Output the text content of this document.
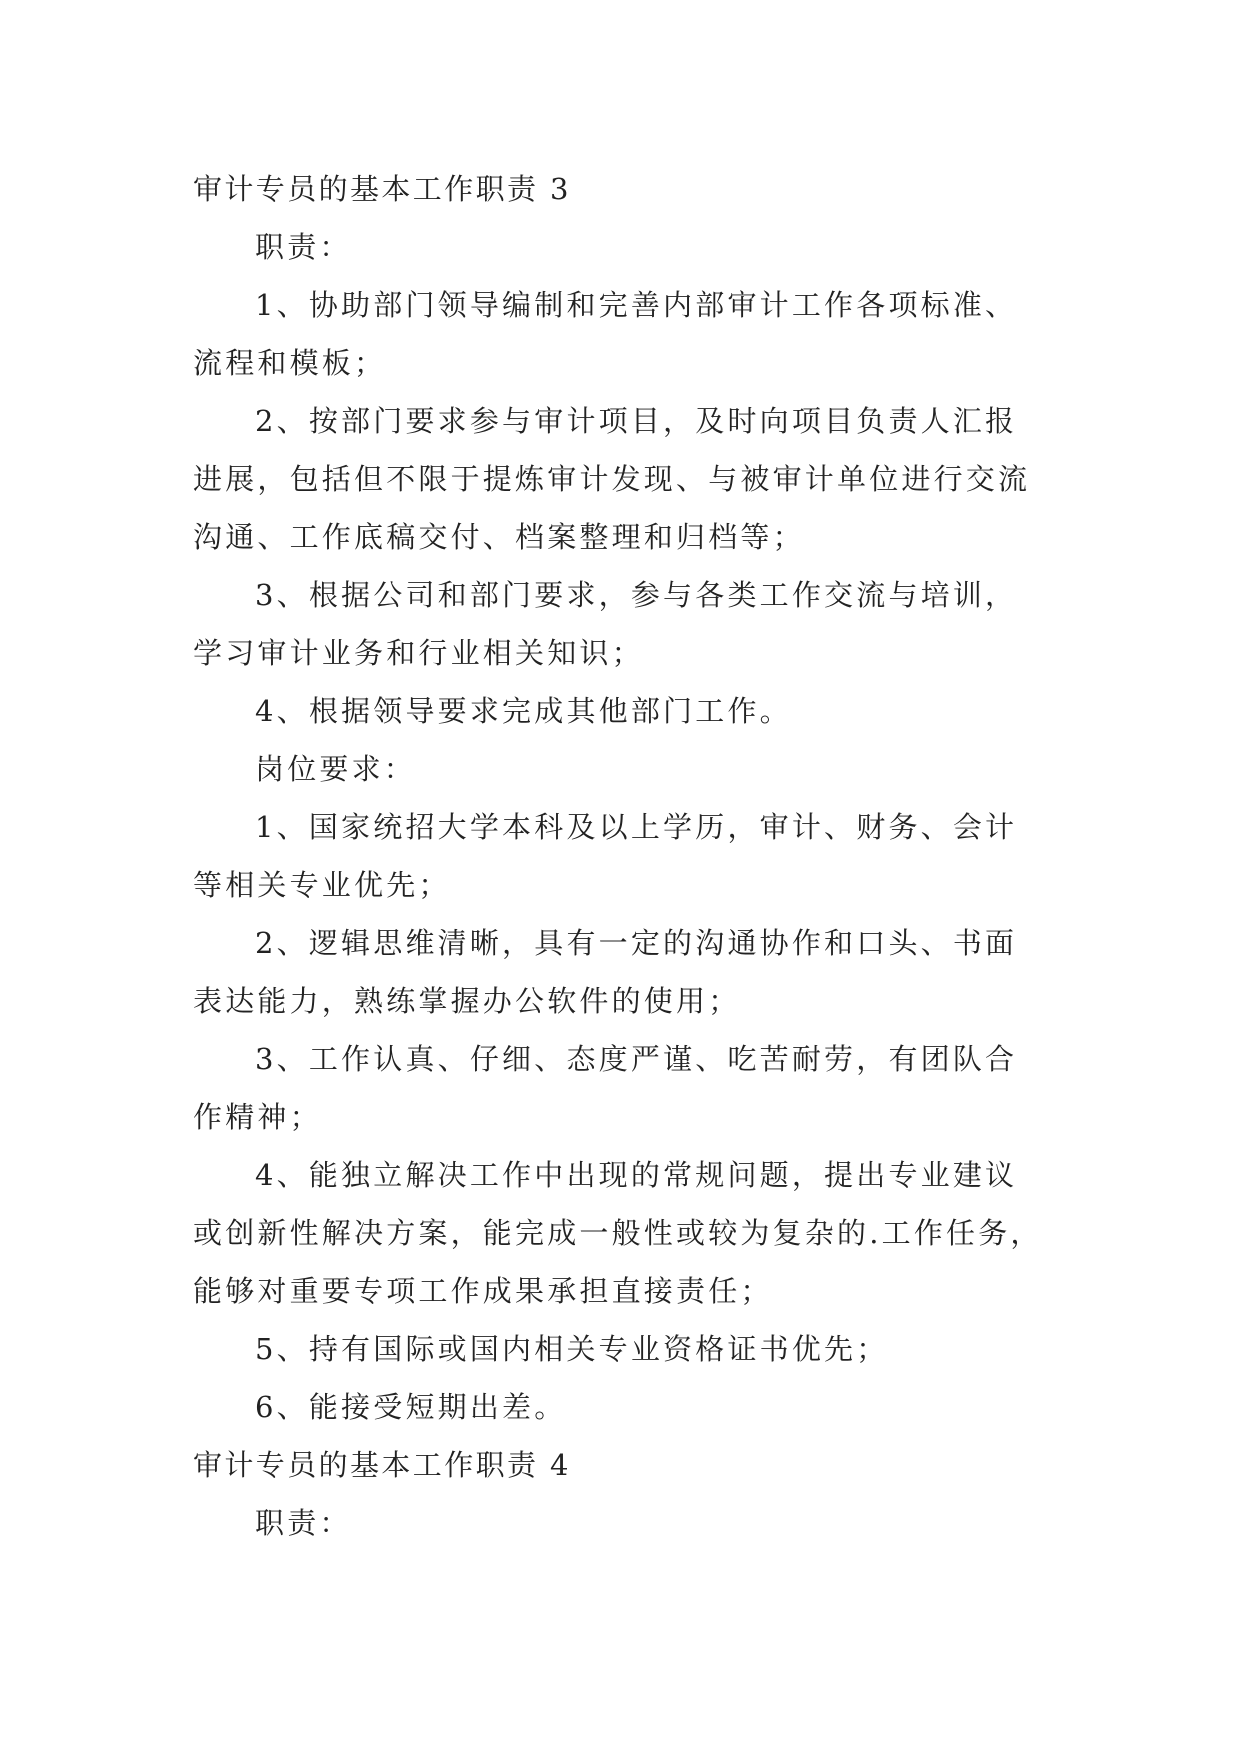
审计专员的基本工作职责 3
职责：
1、协助部门领导编制和完善内部审计工作各项标准、
流程和模板；
2、按部门要求参与审计项目，及时向项目负责人汇报
进展，包括但不限于提炼审计发现、与被审计单位进行交流
沟通、工作底稿交付、档案整理和归档等；
3、根据公司和部门要求，参与各类工作交流与培训，
学习审计业务和行业相关知识；
4、根据领导要求完成其他部门工作。
岗位要求：
1、国家统招大学本科及以上学历，审计、财务、会计
等相关专业优先；
2、逻辑思维清晰，具有一定的沟通协作和口头、书面
表达能力，熟练掌握办公软件的使用；
3、工作认真、仔细、态度严谨、吃苦耐劳，有团队合
作精神；
4、能独立解决工作中出现的常规问题，提出专业建议
或创新性解决方案，能完成一般性或较为复杂的.工作任务，
能够对重要专项工作成果承担直接责任；
5、持有国际或国内相关专业资格证书优先；
6、能接受短期出差。
审计专员的基本工作职责 4
职责：
